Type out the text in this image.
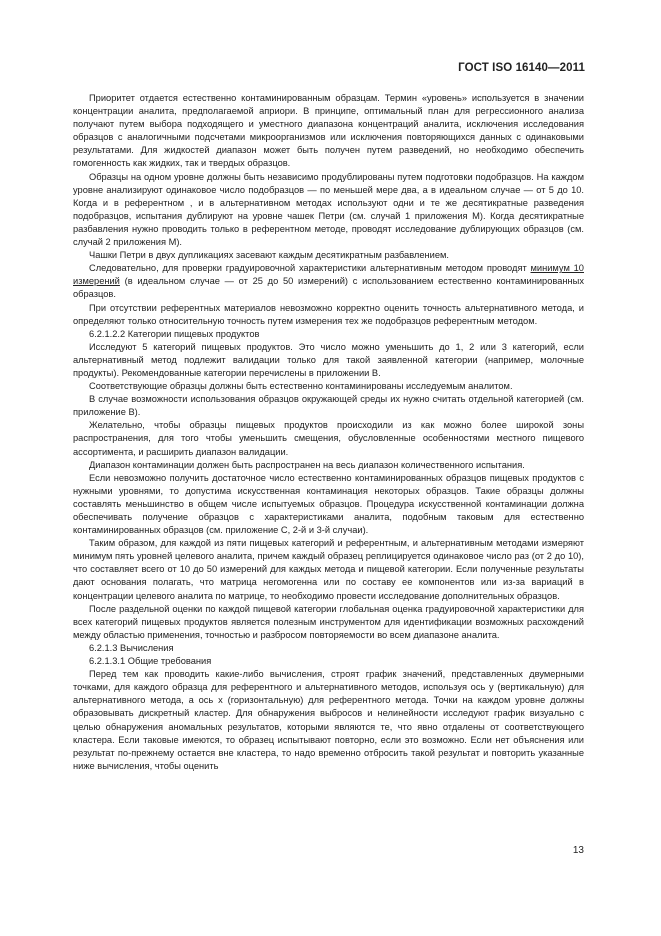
ГОСТ ISO 16140—2011

Приоритет отдается естественно контаминированным образцам. Термин «уровень» используется в значении концентрации аналита, предполагаемой априори. В принципе, оптимальный план для регрессионного анализа получают путем выбора подходящего и уместного диапазона концентраций аналита, исключения исследования образцов с аналогичными подсчетами микроорганизмов или исключения повторяющихся данных с одинаковыми результатами. Для жидкостей диапазон может быть получен путем разведений, но необходимо обеспечить гомогенность как жидких, так и твердых образцов.

Образцы на одном уровне должны быть независимо продублированы путем подготовки подобразцов. На каждом уровне анализируют одинаковое число подобразцов — по меньшей мере два, а в идеальном случае — от 5 до 10. Когда и в референтном , и в альтернативном методах используют одни и те же десятикратные разведения подобразцов, испытания дублируют на уровне чашек Петри (см. случай 1 приложения М). Когда десятикратные разбавления нужно проводить только в референтном методе, проводят исследование дублирующих образцов (см. случай 2 приложения М).

Чашки Петри в двух дупликациях засевают каждым десятикратным разбавлением.

Следовательно, для проверки градуировочной характеристики альтернативным методом проводят минимум 10 измерений (в идеальном случае — от 25 до 50 измерений) с использованием естественно контаминированных образцов.

При отсутствии референтных материалов невозможно корректно оценить точность альтернативного метода, и определяют только относительную точность путем измерения тех же подобразцов референтным методом.

6.2.1.2.2 Категории пищевых продуктов

Исследуют 5 категорий пищевых продуктов. Это число можно уменьшить до 1, 2 или 3 категорий, если альтернативный метод подлежит валидации только для такой заявленной категории (например, молочные продукты). Рекомендованные категории перечислены в приложении В.

Соответствующие образцы должны быть естественно контаминированы исследуемым аналитом.

В случае возможности использования образцов окружающей среды их нужно считать отдельной категорией (см. приложение В).

Желательно, чтобы образцы пищевых продуктов происходили из как можно более широкой зоны распространения, для того чтобы уменьшить смещения, обусловленные особенностями местного пищевого ассортимента, и расширить диапазон валидации.

Диапазон контаминации должен быть распространен на весь диапазон количественного испытания.

Если невозможно получить достаточное число естественно контаминированных образцов пищевых продуктов с нужными уровнями, то допустима искусственная контаминация некоторых образцов. Такие образцы должны составлять меньшинство в общем числе испытуемых образцов. Процедура искусственной контаминации должна обеспечивать получение образцов с характеристиками аналита, подобным таковым для естественно контаминированных образцов (см. приложение С, 2-й и 3-й случаи).

Таким образом, для каждой из пяти пищевых категорий и референтным, и альтернативным методами измеряют минимум пять уровней целевого аналита, причем каждый образец реплицируется одинаковое число раз (от 2 до 10), что составляет всего от 10 до 50 измерений для каждых метода и пищевой категории. Если полученные результаты дают основания полагать, что матрица негомогенна или по составу ее компонентов или из-за вариаций в концентрации целевого аналита по матрице, то необходимо провести исследование дополнительных образцов.

После раздельной оценки по каждой пищевой категории глобальная оценка градуировочной характеристики для всех категорий пищевых продуктов является полезным инструментом для идентификации возможных расхождений между областью применения, точностью и разбросом повторяемости во всем диапазоне аналита.

6.2.1.3 Вычисления

6.2.1.3.1 Общие требования

Перед тем как проводить какие-либо вычисления, строят график значений, представленных двумерными точками, для каждого образца для референтного и альтернативного методов, используя ось y (вертикальную) для альтернативного метода, а ось x (горизонтальную) для референтного метода. Точки на каждом уровне должны образовывать дискретный кластер. Для обнаружения выбросов и нелинейности исследуют график визуально с целью обнаружения аномальных результатов, которыми являются те, что явно отдалены от соответствующего кластера. Если таковые имеются, то образец испытывают повторно, если это возможно. Если нет объяснения или результат по-прежнему остается вне кластера, то надо временно отбросить такой результат и повторить указанные ниже вычисления, чтобы оценить

13
